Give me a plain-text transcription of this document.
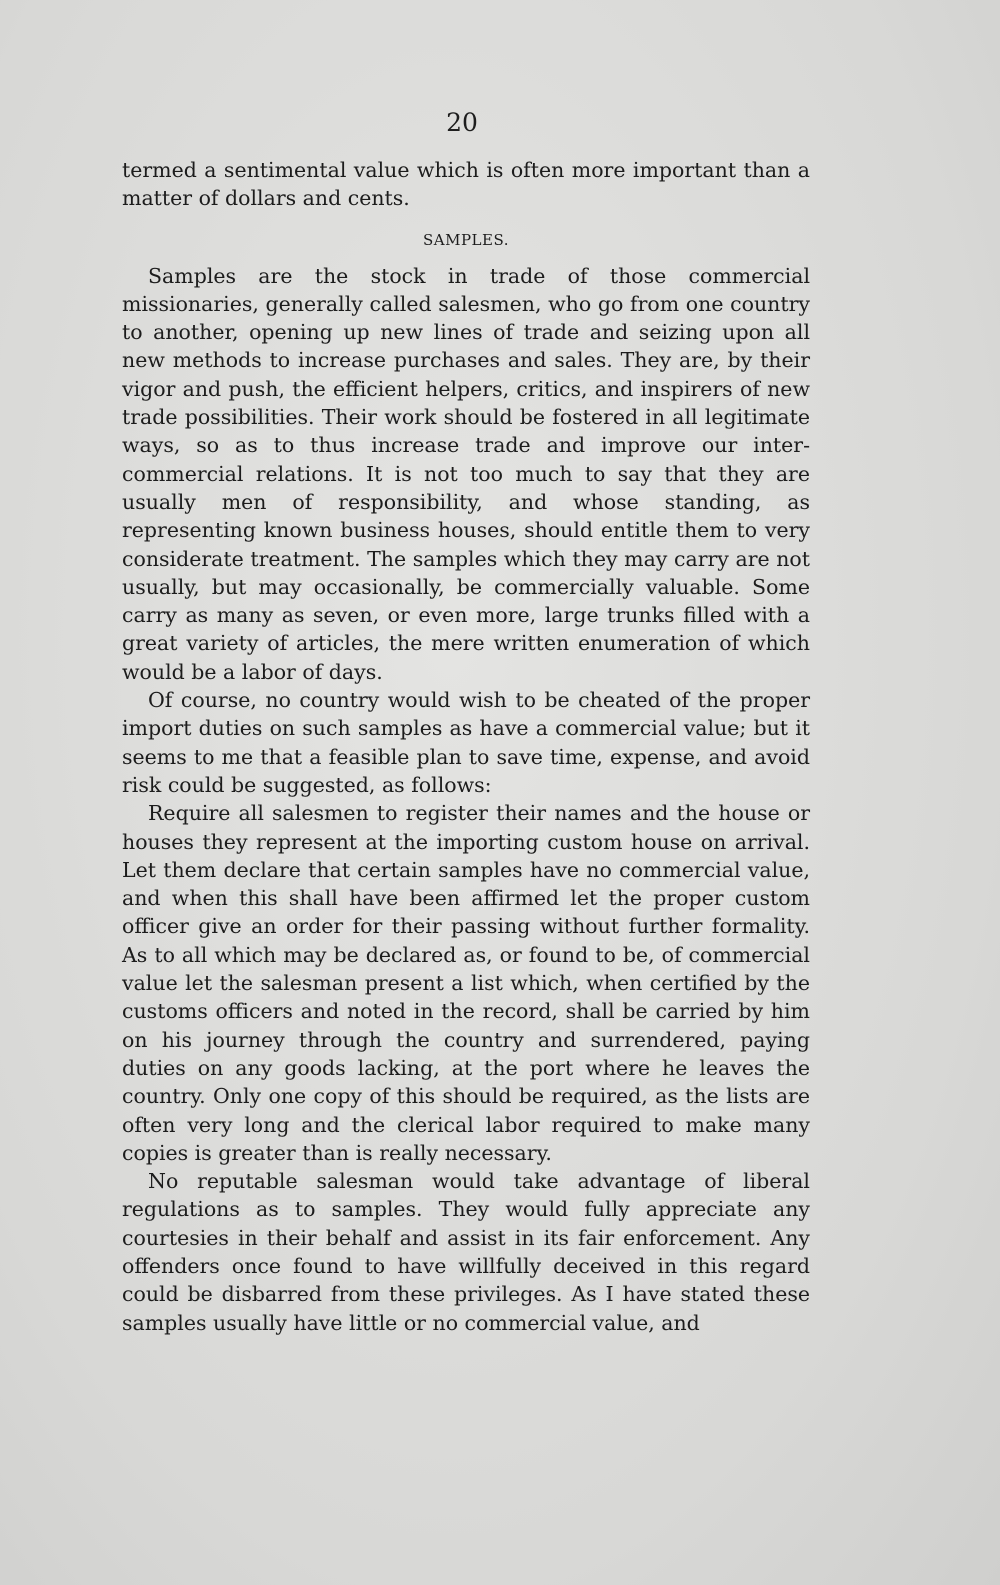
20

termed a sentimental value which is often more important than a matter of dollars and cents.

SAMPLES.

Samples are the stock in trade of those commercial missionaries, generally called salesmen, who go from one country to another, opening up new lines of trade and seizing upon all new methods to increase purchases and sales. They are, by their vigor and push, the efficient helpers, critics, and inspirers of new trade possibilities. Their work should be fostered in all legitimate ways, so as to thus increase trade and improve our inter-commercial relations. It is not too much to say that they are usually men of responsibility, and whose standing, as representing known business houses, should entitle them to very considerate treatment. The samples which they may carry are not usually, but may occasionally, be commercially valuable. Some carry as many as seven, or even more, large trunks filled with a great variety of articles, the mere written enumeration of which would be a labor of days.

Of course, no country would wish to be cheated of the proper import duties on such samples as have a commercial value; but it seems to me that a feasible plan to save time, expense, and avoid risk could be suggested, as follows:

Require all salesmen to register their names and the house or houses they represent at the importing custom house on arrival. Let them declare that certain samples have no commercial value, and when this shall have been affirmed let the proper custom officer give an order for their passing without further formality. As to all which may be declared as, or found to be, of commercial value let the salesman present a list which, when certified by the customs officers and noted in the record, shall be carried by him on his journey through the country and surrendered, paying duties on any goods lacking, at the port where he leaves the country. Only one copy of this should be required, as the lists are often very long and the clerical labor required to make many copies is greater than is really necessary.

No reputable salesman would take advantage of liberal regulations as to samples. They would fully appreciate any courtesies in their behalf and assist in its fair enforcement. Any offenders once found to have willfully deceived in this regard could be disbarred from these privileges. As I have stated these samples usually have little or no commercial value, and
